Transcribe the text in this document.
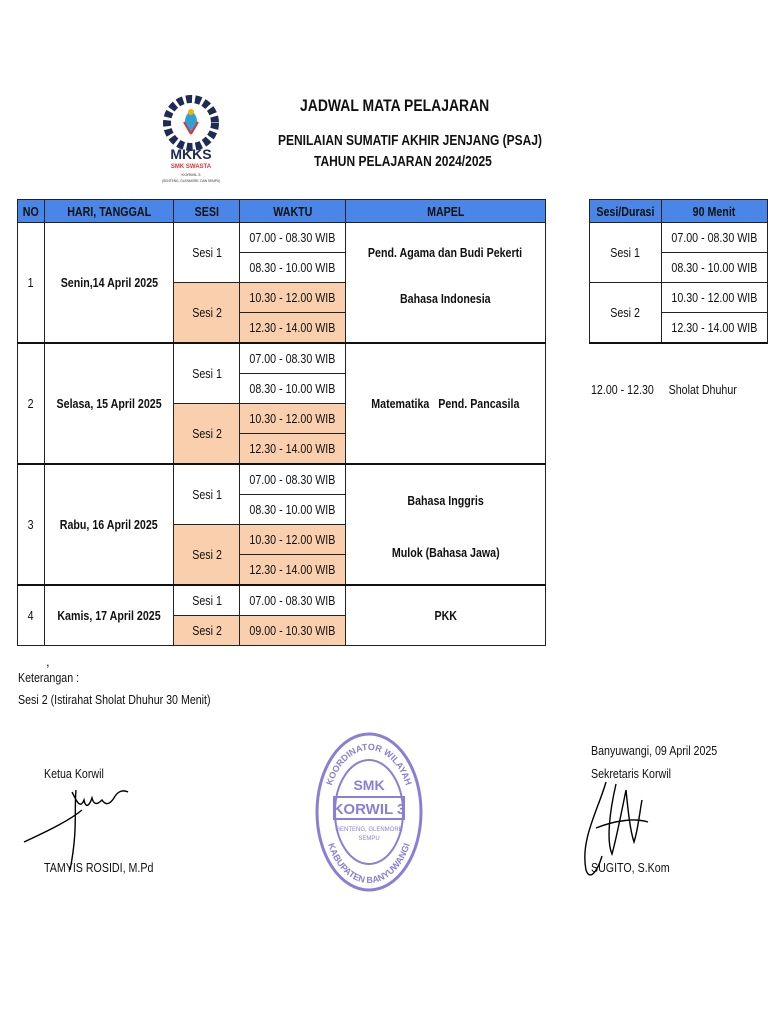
MKKS
SMK SWASTA
KORWIL 3
(GENTENG, GLENMORE, DAN SEMPU)
JADWAL MATA PELAJARAN
PENILAIAN SUMATIF AKHIR JENJANG (PSAJ)
TAHUN PELAJARAN 2024/2025
NO	HARI, TANGGAL	SESI	WAKTU	MAPEL
1	Senin,14 April 2025	Sesi 1	07.00 - 08.30 WIB	Pend. Agama dan Budi Pekerti
			08.30 - 10.00 WIB	
		Sesi 2	10.30 - 12.00 WIB	Bahasa Indonesia
			12.30 - 14.00 WIB	
2	Selasa, 15 April 2025	Sesi 1	07.00 - 08.30 WIB	Matematika   Pend. Pancasila
			08.30 - 10.00 WIB	
		Sesi 2	10.30 - 12.00 WIB	
			12.30 - 14.00 WIB	
3	Rabu, 16 April 2025	Sesi 1	07.00 - 08.30 WIB	Bahasa Inggris
			08.30 - 10.00 WIB	
		Sesi 2	10.30 - 12.00 WIB	Mulok (Bahasa Jawa)
			12.30 - 14.00 WIB	
4	Kamis, 17 April 2025	Sesi 1	07.00 - 08.30 WIB	PKK
		Sesi 2	09.00 - 10.30 WIB	
Sesi/Durasi	90 Menit
Sesi 1	07.00 - 08.30 WIB
	08.30 - 10.00 WIB
Sesi 2	10.30 - 12.00 WIB
	12.30 - 14.00 WIB
12.00 - 12.30 Sholat Dhuhur
,
Keterangan :
Sesi 2 (Istirahat Sholat Dhuhur 30 Menit)
Ketua Korwil
TAMYIS ROSIDI, M.Pd
KOORDINATOR WILAYAH
KABUPATEN BANYUWANGI
SMK
KORWIL 3
GENTENG, GLENMORE
SEMPU
Banyuwangi, 09 April 2025
Sekretaris Korwil
SUGITO, S.Kom
